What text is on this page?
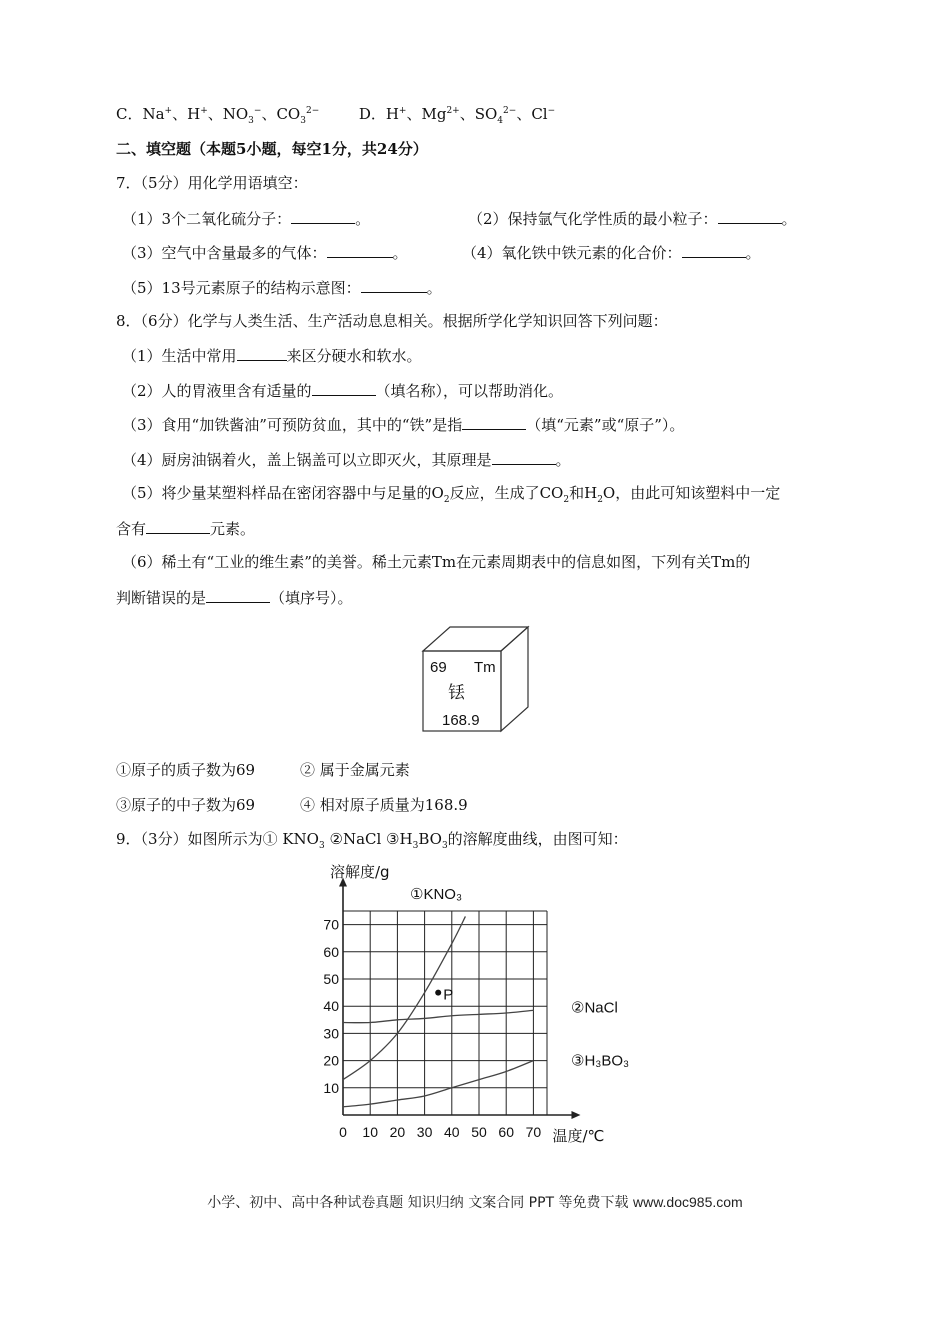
C．Na+、H+、$NO_3^-$、$CO_3^{2-}$	D．H+、$Mg^{2+}$、$SO_4^{2-}$、Cl−
二、填空题（本题5小题，每空1分，共24分）
7．（5分）用化学用语填空：
（1）3个二氧化硫分子：	。	（2）保持氩气化学性质的最小粒子：	。
（3）空气中含量最多的气体：	。	（4）氧化铁中铁元素的化合价：	。
（5）13号元素原子的结构示意图：	。
8．（6分）化学与人类生活、生产活动息息相关。根据所学化学知识回答下列问题：
（1）生活中常用	来区分硬水和软水。
（2）人的胃液里含有适量的	（填名称），可以帮助消化。
（3）食用“加铁酱油”可预防贫血，其中的“铁”是指	（填“元素”或“原子”）。
（4）厨房油锅着火，盖上锅盖可以立即灭火，其原理是	。
（5）将少量某塑料样品在密闭容器中与足量的$O_2$反应，生成了$CO_2$和$H_2O$，由此可知该塑料中一定
含有	元素。
（6）稀土有“工业的维生素”的美誉。稀土元素Tm在元素周期表中的信息如图，下列有关Tm的
判断错误的是	（填序号）。
69 Tm
铥
168.9
①原子的质子数为69	② 属于金属元素
③原子的中子数为69	④ 相对原子质量为168.9
9．（3分）如图所示为① $KNO_3$ ②NaCl $③H_3BO_3$的溶解度曲线，由图可知：
0 10 20 30 40 50 60 70
10
20
30
40
50
60
70
溶解度/g
温度/℃
①KNO₃
②NaCl
③H₃BO₃
P
小学、初中、高中各种试卷真题 知识归纳 文案合同 PPT 等免费下载 www.doc985.com
